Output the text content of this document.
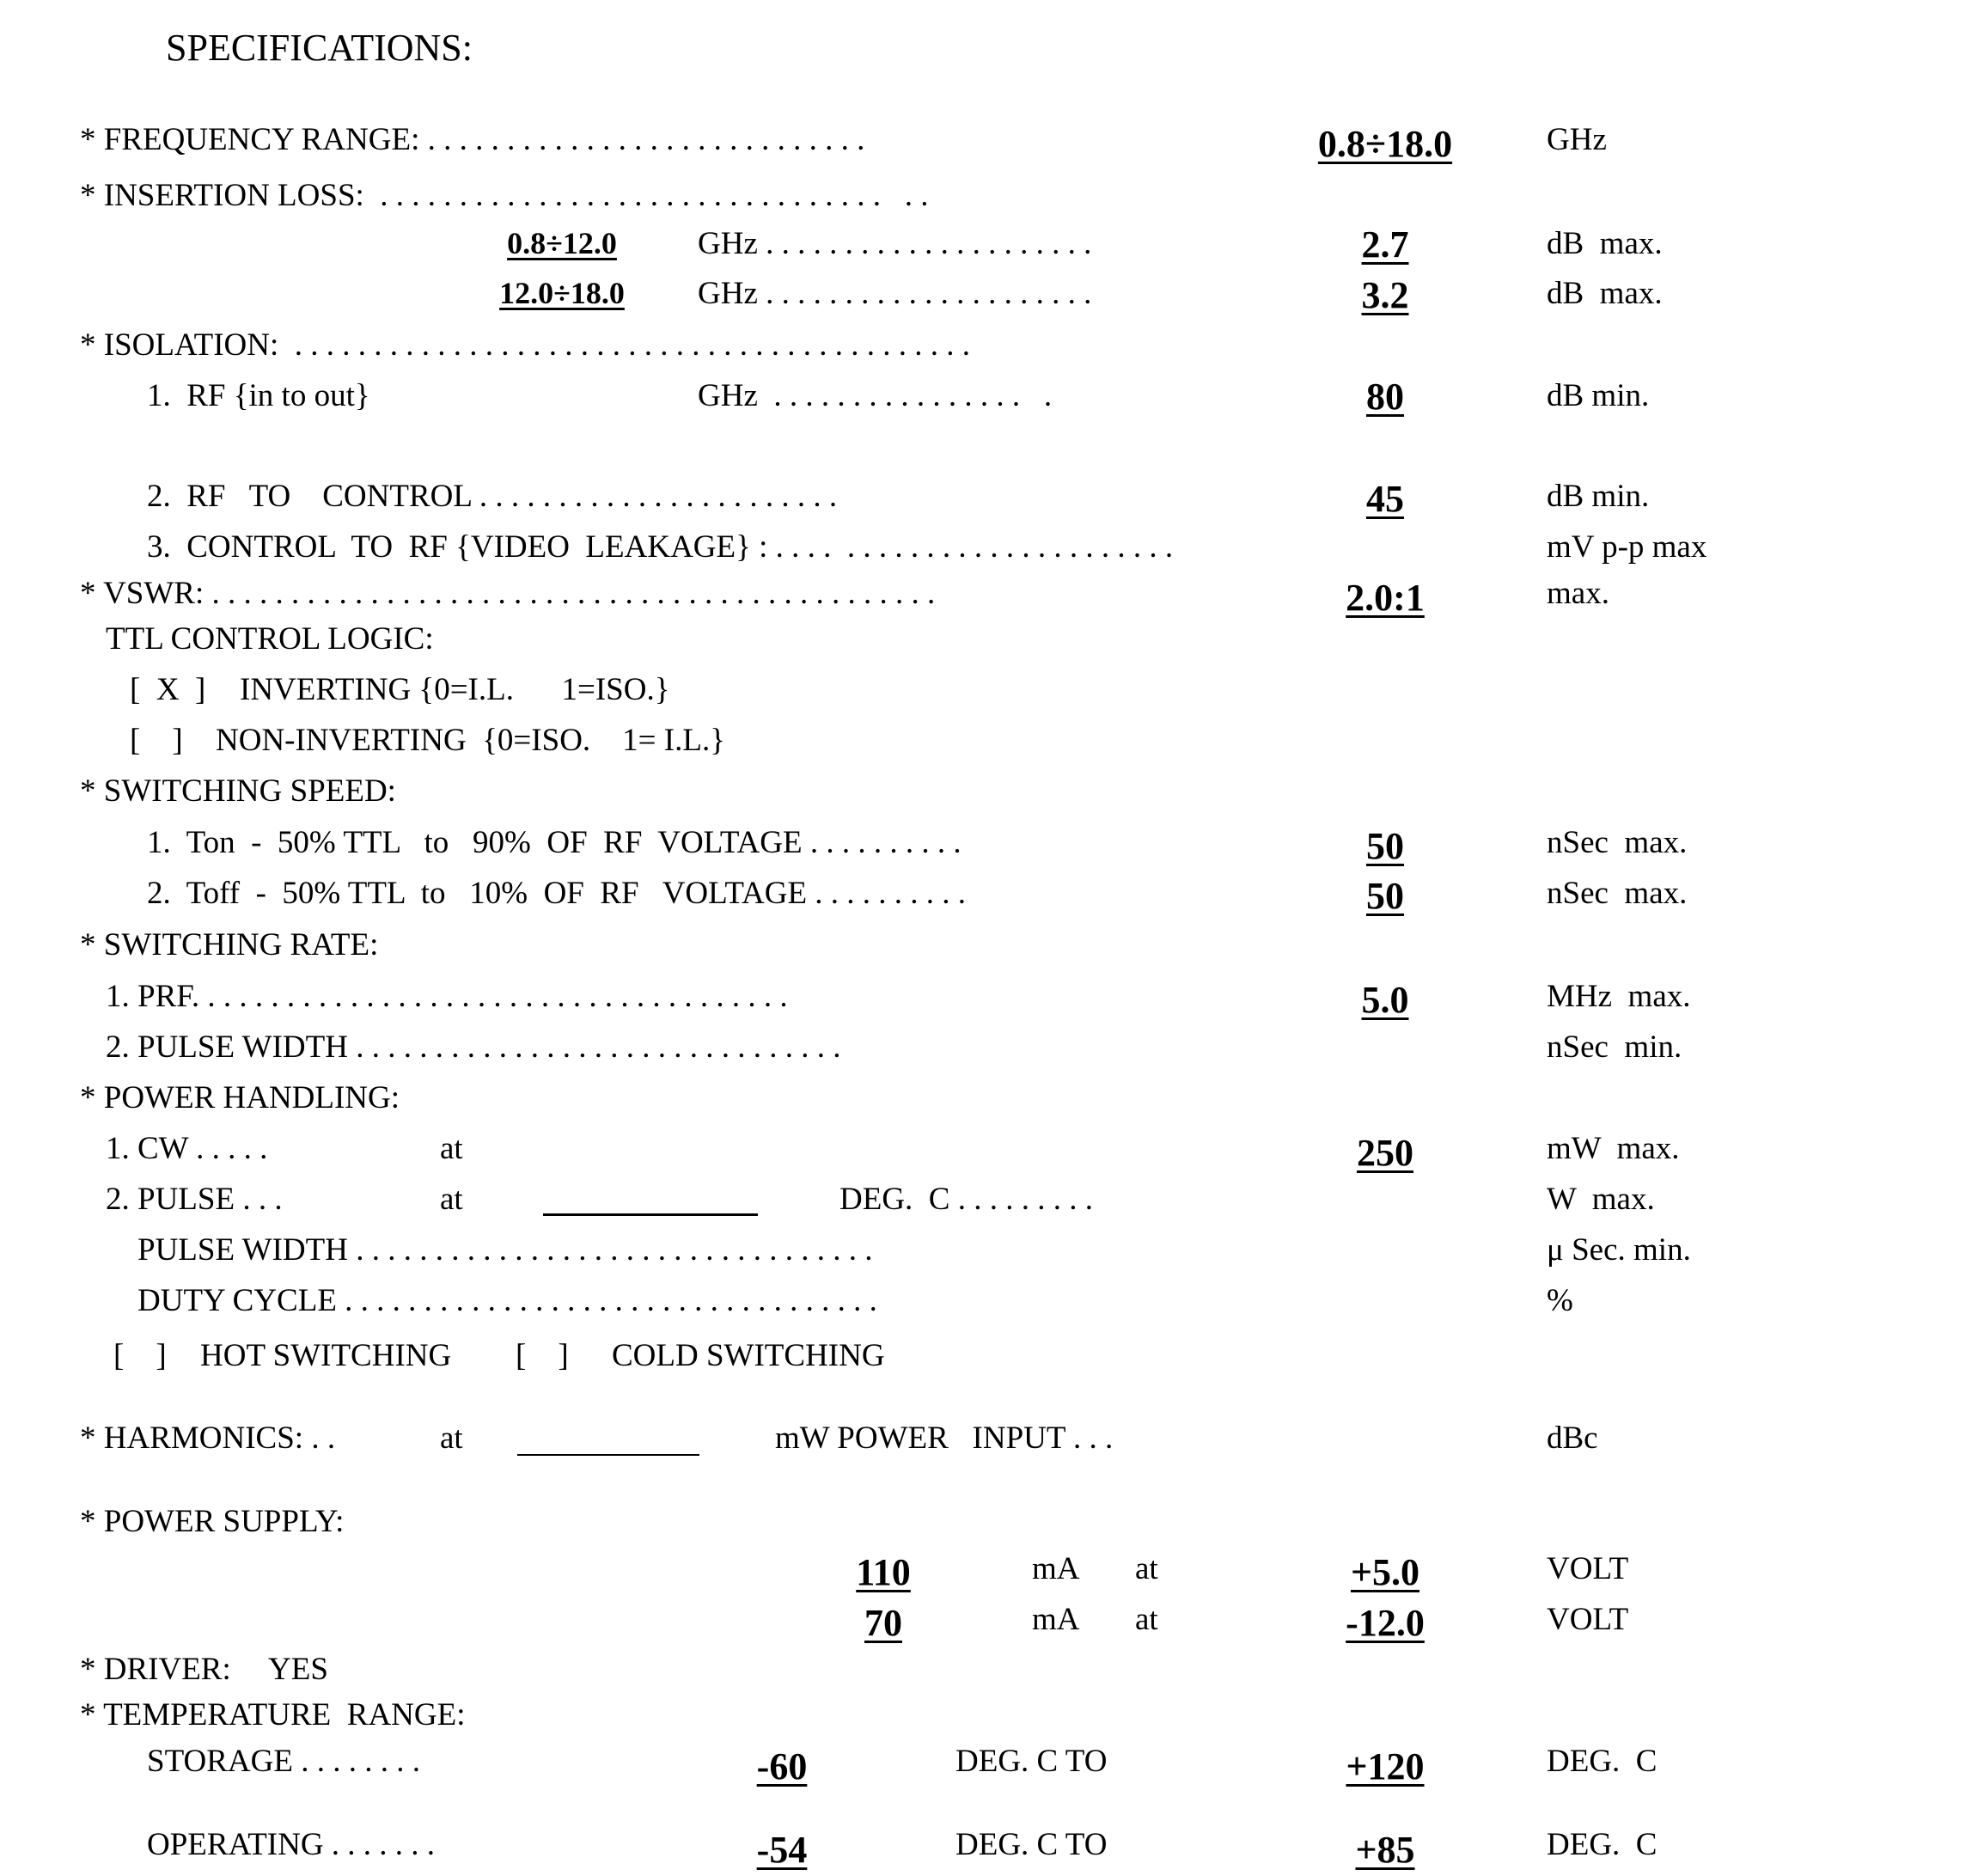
SPECIFICATIONS:
* FREQUENCY RANGE: . . . . . . . . . . . . . . . . . . . . . . . . . . . .	0.8÷18.0	GHz
* INSERTION LOSS:  . . . . . . . . . . . . . . . . . . . . . . . . . . . . . . . .   . .
0.8÷12.0	GHz . . . . . . . . . . . . . . . . . . . . .	2.7	dB  max.
12.0÷18.0 GHz . . . . . . . . . . . . . . . . . . . . .	3.2	dB  max.
* ISOLATION:  . . . . . . . . . . . . . . . . . . . . . . . . . . . . . . . . . . . . . . . . . . .
1.  RF {in to out}	GHz  . . . . . . . . . . . . . . . .   .	80	dB min.
2.  RF   TO    CONTROL . . . . . . . . . . . . . . . . . . . . . . .	45	dB min.
3.  CONTROL  TO  RF {VIDEO  LEAKAGE} : . . . .  . . . . . . . . . . . . . . . . . . . . .	mV p-p max
* VSWR: . . . . . . . . . . . . . . . . . . . . . . . . . . . . . . . . . . . . . . . . . . . . . .	2.0:1	max.
TTL CONTROL LOGIC:
[  X  ] INVERTING {0=I.L.      1=ISO.}
[    ] NON-INVERTING  {0=ISO.    1= I.L.}
* SWITCHING SPEED:
1.  Ton  -  50% TTL   to   90%  OF  RF  VOLTAGE . . . . . . . . . .	50	nSec  max.
2.  Toff  -  50% TTL  to   10%  OF  RF   VOLTAGE . . . . . . . . . .	50	nSec  max.
* SWITCHING RATE:
1. PRF. . . . . . . . . . . . . . . . . . . . . . . . . . . . . . . . . . . . . .	5.0	MHz  max.
2. PULSE WIDTH . . . . . . . . . . . . . . . . . . . . . . . . . . . . . . .	nSec  min.
* POWER HANDLING:
1. CW . . . . .	at	250	mW  max.
2. PULSE . . .	at	DEG.  C . . . . . . . . .	W  max.
PULSE WIDTH . . . . . . . . . . . . . . . . . . . . . . . . . . . . . . . . .	μ Sec. min.
DUTY CYCLE . . . . . . . . . . . . . . . . . . . . . . . . . . . . . . . . . .	%
[    ] HOT SWITCHING [    ] COLD SWITCHING
* HARMONICS: . .	at	mW POWER   INPUT . . .	dBc
* POWER SUPPLY:
110	mA at	+5.0	VOLT
70	mA at	-12.0	VOLT
* DRIVER: YES
* TEMPERATURE  RANGE:
STORAGE . . . . . . . .	-60	DEG. C TO	+120	DEG.  C
OPERATING . . . . . . .	-54	DEG. C TO	+85	DEG.  C
